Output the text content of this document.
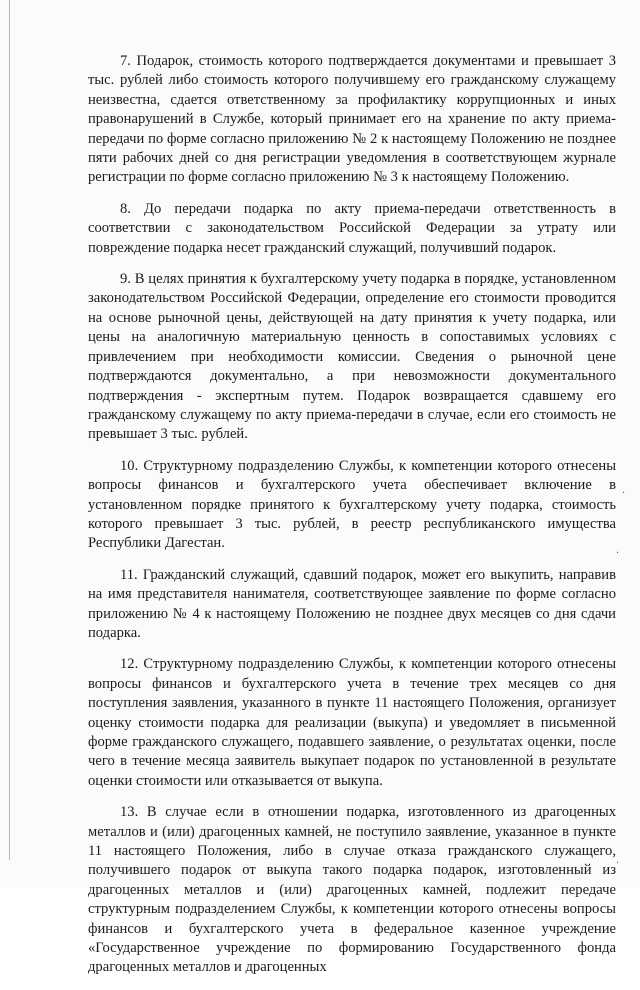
7. Подарок, стоимость которого подтверждается документами и превышает 3 тыс. рублей либо стоимость которого получившему его гражданскому служащему неизвестна, сдается ответственному за профилактику коррупционных и иных правонарушений в Службе, который принимает его на хранение по акту приема-передачи по форме согласно приложению № 2 к настоящему Положению не позднее пяти рабочих дней со дня регистрации уведомления в соответствующем журнале регистрации по форме согласно приложению № 3 к настоящему Положению.

8. До передачи подарка по акту приема-передачи ответственность в соответствии с законодательством Российской Федерации за утрату или повреждение подарка несет гражданский служащий, получивший подарок.

9. В целях принятия к бухгалтерскому учету подарка в порядке, установленном законодательством Российской Федерации, определение его стоимости проводится на основе рыночной цены, действующей на дату принятия к учету подарка, или цены на аналогичную материальную ценность в сопоставимых условиях с привлечением при необходимости комиссии. Сведения о рыночной цене подтверждаются документально, а при невозможности документального подтверждения - экспертным путем. Подарок возвращается сдавшему его гражданскому служащему по акту приема-передачи в случае, если его стоимость не превышает 3 тыс. рублей.

10. Структурному подразделению Службы, к компетенции которого отнесены вопросы финансов и бухгалтерского учета обеспечивает включение в установленном порядке принятого к бухгалтерскому учету подарка, стоимость которого превышает 3 тыс. рублей, в реестр республиканского имущества Республики Дагестан.

11. Гражданский служащий, сдавший подарок, может его выкупить, направив на имя представителя нанимателя, соответствующее заявление по форме согласно приложению № 4 к настоящему Положению не позднее двух месяцев со дня сдачи подарка.

12. Структурному подразделению Службы, к компетенции которого отнесены вопросы финансов и бухгалтерского учета в течение трех месяцев со дня поступления заявления, указанного в пункте 11 настоящего Положения, организует оценку стоимости подарка для реализации (выкупа) и уведомляет в письменной форме гражданского служащего, подавшего заявление, о результатах оценки, после чего в течение месяца заявитель выкупает подарок по установленной в результате оценки стоимости или отказывается от выкупа.

13. В случае если в отношении подарка, изготовленного из драгоценных металлов и (или) драгоценных камней, не поступило заявление, указанное в пункте 11 настоящего Положения, либо в случае отказа гражданского служащего, получившего подарок от выкупа такого подарка подарок, изготовленный из драгоценных металлов и (или) драгоценных камней, подлежит передаче структурным подразделением Службы, к компетенции которого отнесены вопросы финансов и бухгалтерского учета в федеральное казенное учреждение «Государственное учреждение по формированию Государственного фонда драгоценных металлов и драгоценных

·
·
·
